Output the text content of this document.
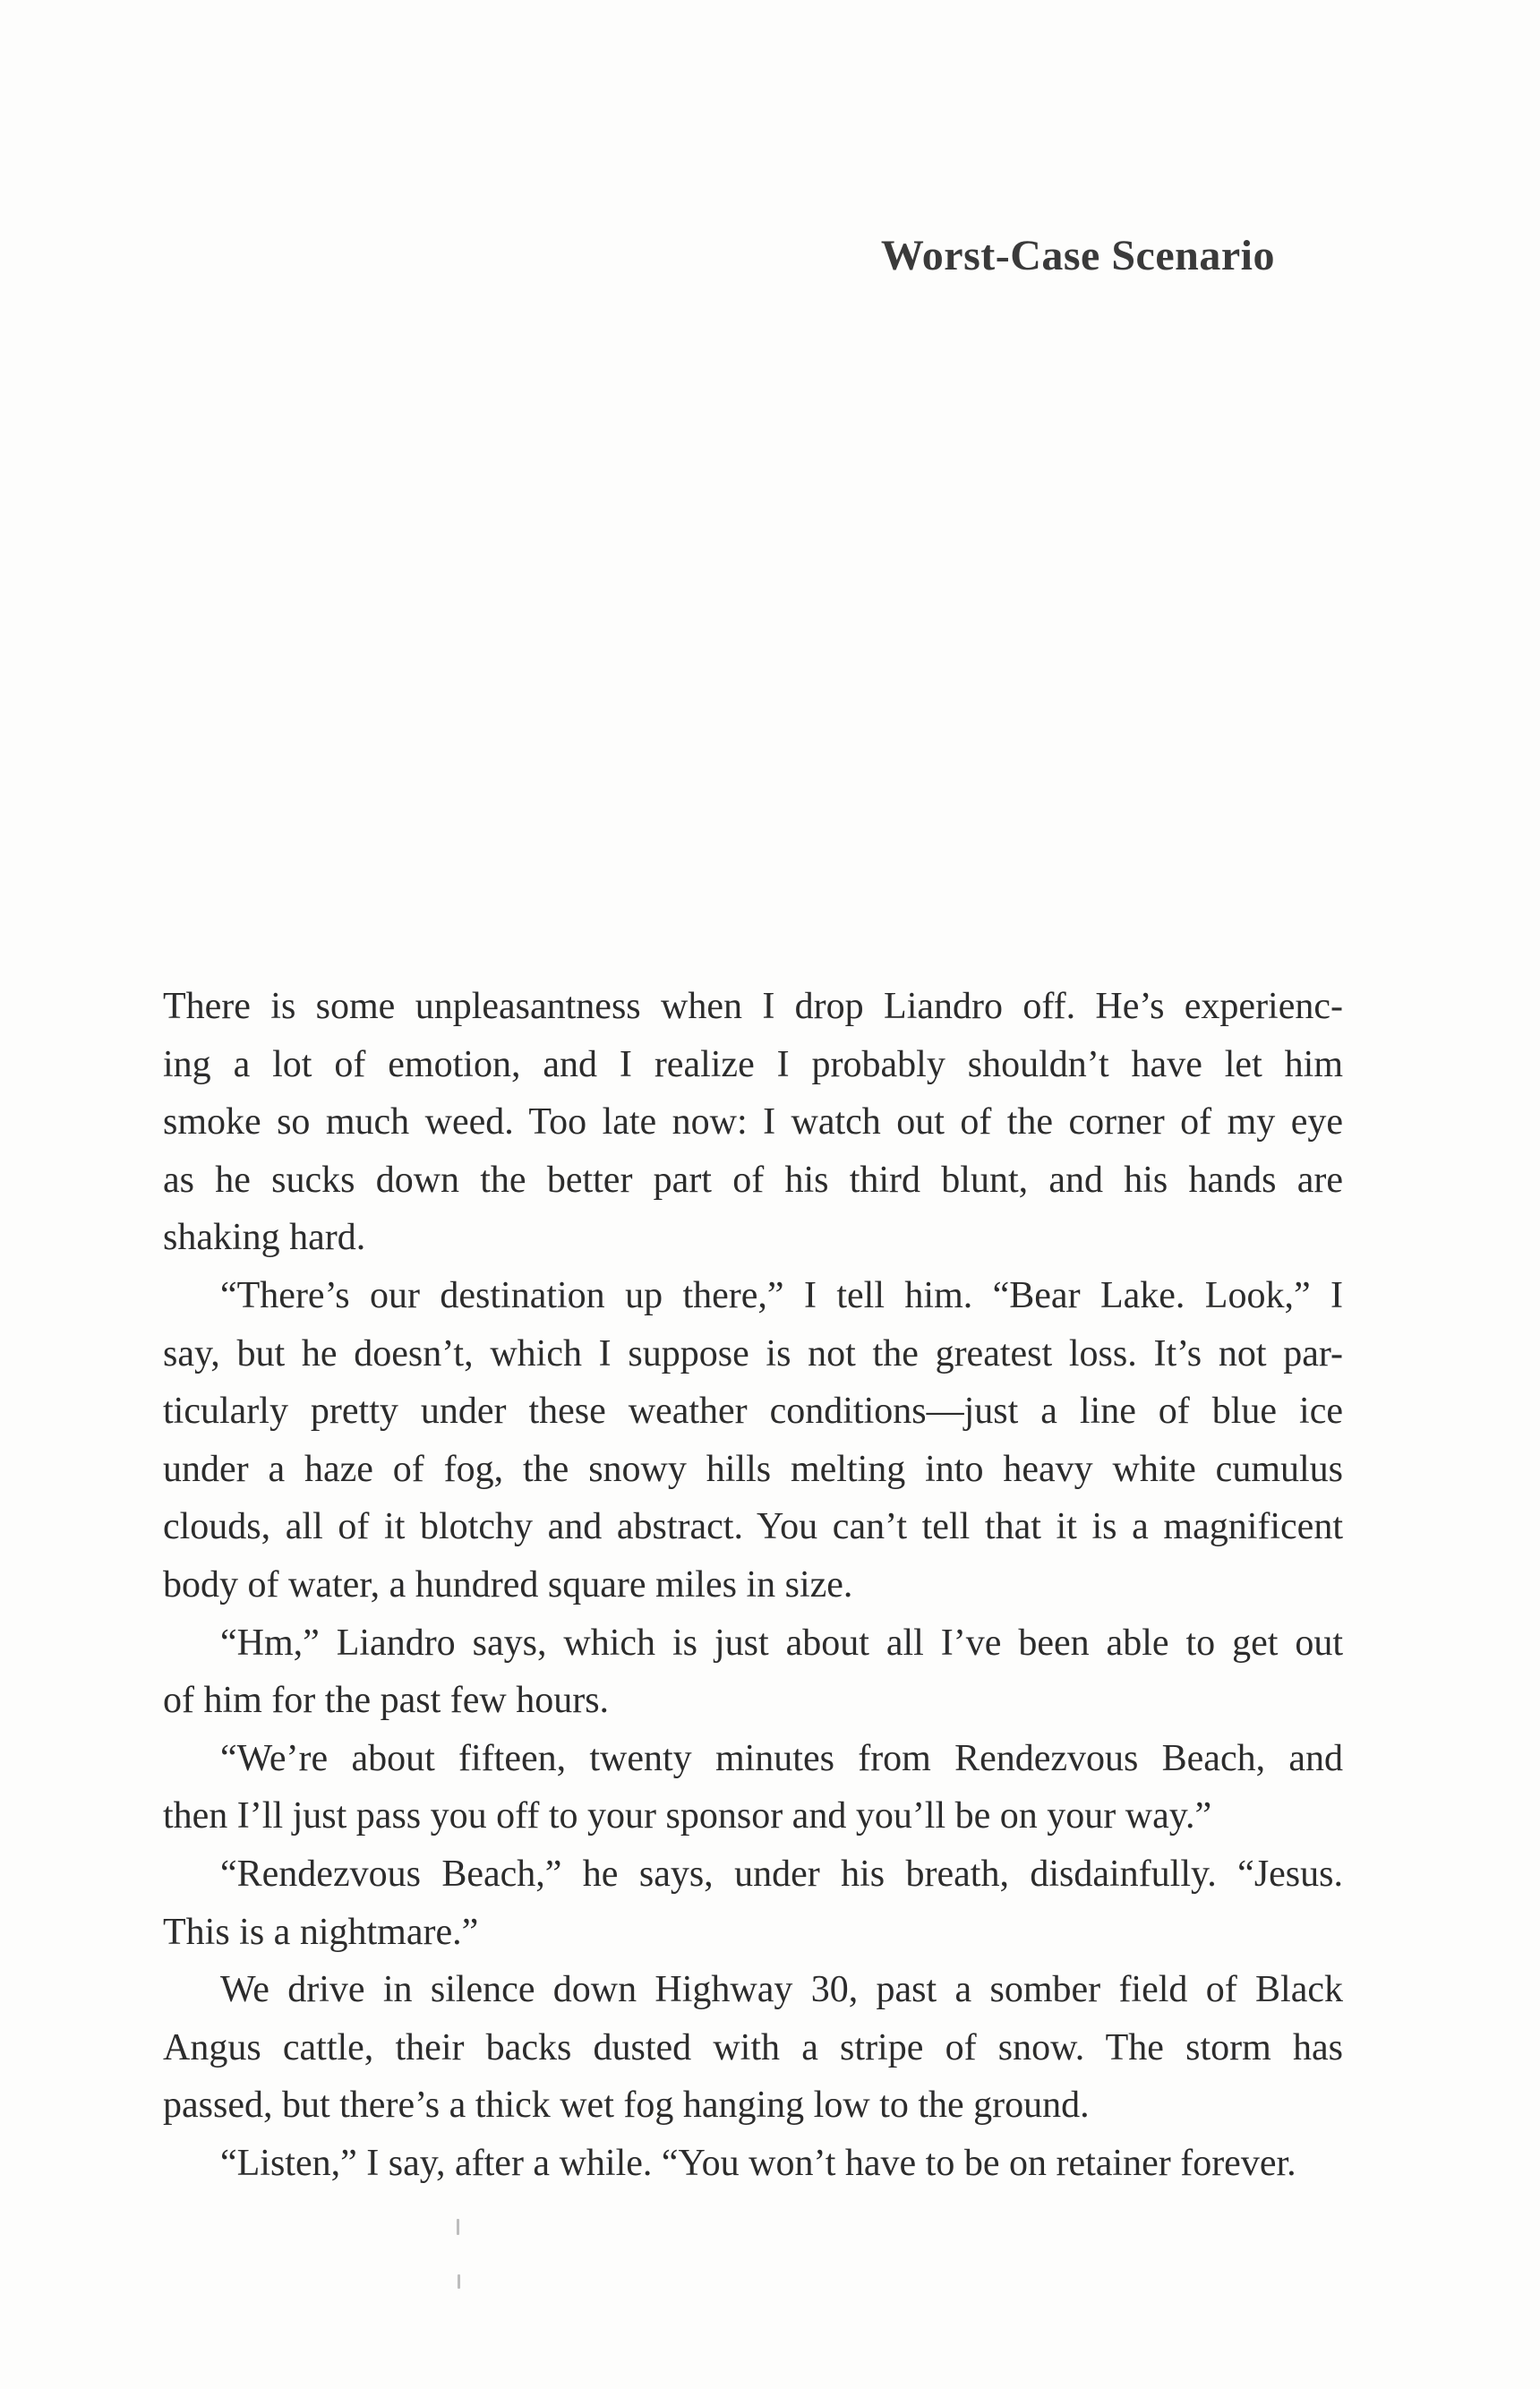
Worst-Case Scenario
There is some unpleasantness when I drop Liandro off. He’s experienc-
ing a lot of emotion, and I realize I probably shouldn’t have let him
smoke so much weed. Too late now: I watch out of the corner of my eye
as he sucks down the better part of his third blunt, and his hands are
shaking hard.
“There’s our destination up there,” I tell him. “Bear Lake. Look,” I
say, but he doesn’t, which I suppose is not the greatest loss. It’s not par-
ticularly pretty under these weather conditions—just a line of blue ice
under a haze of fog, the snowy hills melting into heavy white cumulus
clouds, all of it blotchy and abstract. You can’t tell that it is a magnificent
body of water, a hundred square miles in size.
“Hm,” Liandro says, which is just about all I’ve been able to get out
of him for the past few hours.
“We’re about fifteen, twenty minutes from Rendezvous Beach, and
then I’ll just pass you off to your sponsor and you’ll be on your way.”
“Rendezvous Beach,” he says, under his breath, disdainfully. “Jesus.
This is a nightmare.”
We drive in silence down Highway 30, past a somber field of Black
Angus cattle, their backs dusted with a stripe of snow. The storm has
passed, but there’s a thick wet fog hanging low to the ground.
“Listen,” I say, after a while. “You won’t have to be on retainer forever.
